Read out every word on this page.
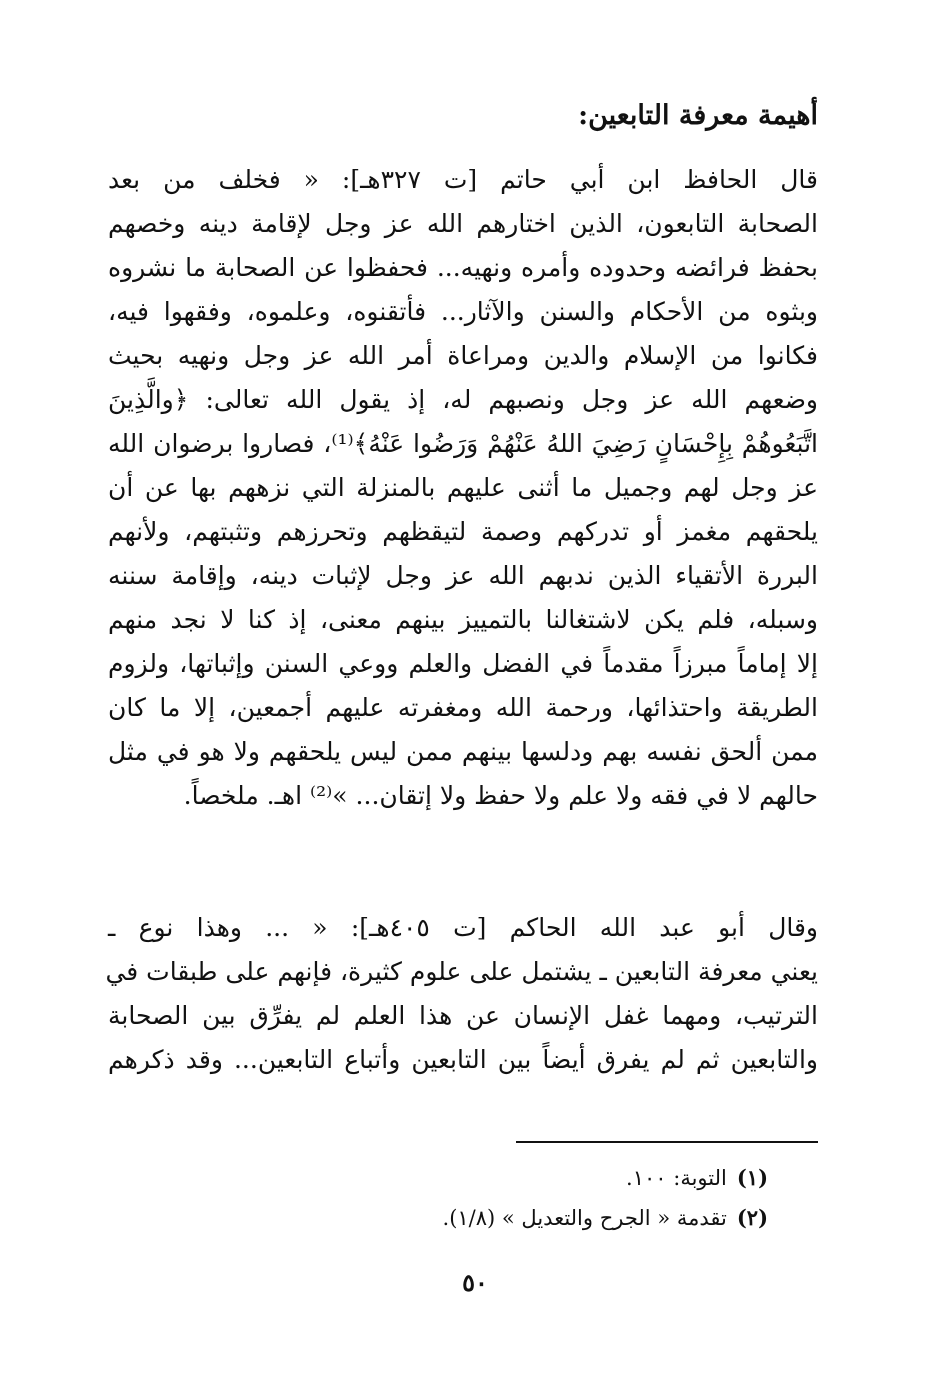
أهيمة معرفة التابعين:
قال الحافظ ابن أبي حاتم [ت ٣٢٧هـ]: « فخلف من بعد
الصحابة التابعون، الذين اختارهم الله عز وجل لإقامة دينه وخصهم
بحفظ فرائضه وحدوده وأمره ونهيه... فحفظوا عن الصحابة ما نشروه
وبثوه من الأحكام والسنن والآثار... فأتقنوه، وعلموه، وفقهوا فيه،
فكانوا من الإسلام والدين ومراعاة أمر الله عز وجل ونهيه بحيث
وضعهم الله عز وجل ونصبهم له، إذ يقول الله تعالى: ﴿والَّذِينَ
اتَّبَعُوهُمْ بِإِحْسَانٍ رَضِيَ اللهُ عَنْهُمْ وَرَضُوا عَنْهُ﴾⁽¹⁾، فصاروا برضوان الله
عز وجل لهم وجميل ما أثنى عليهم بالمنزلة التي نزههم بها عن أن
يلحقهم مغمز أو تدركهم وصمة لتيقظهم وتحرزهم وتثبتهم، ولأنهم
البررة الأتقياء الذين ندبهم الله عز وجل لإثبات دينه، وإقامة سننه
وسبله، فلم يكن لاشتغالنا بالتمييز بينهم معنى، إذ كنا لا نجد منهم
إلا إماماً مبرزاً مقدماً في الفضل والعلم ووعي السنن وإثباتها، ولزوم
الطريقة واحتذائها، ورحمة الله ومغفرته عليهم أجمعين، إلا ما كان
ممن ألحق نفسه بهم ودلسها بينهم ممن ليس يلحقهم ولا هو في مثل
حالهم لا في فقه ولا علم ولا حفظ ولا إتقان... »⁽²⁾ اهـ. ملخصاً.
وقال أبو عبد الله الحاكم [ت ٤٠٥هـ]: « ... وهذا نوع ـ
يعني معرفة التابعين ـ يشتمل على علوم كثيرة، فإنهم على طبقات في
الترتيب، ومهما غفل الإنسان عن هذا العلم لم يفرِّق بين الصحابة
والتابعين ثم لم يفرق أيضاً بين التابعين وأتباع التابعين... وقد ذكرهم
(١)التوبة: ١٠٠.
(٢)تقدمة « الجرح والتعديل » (١/٨).
٥٠
